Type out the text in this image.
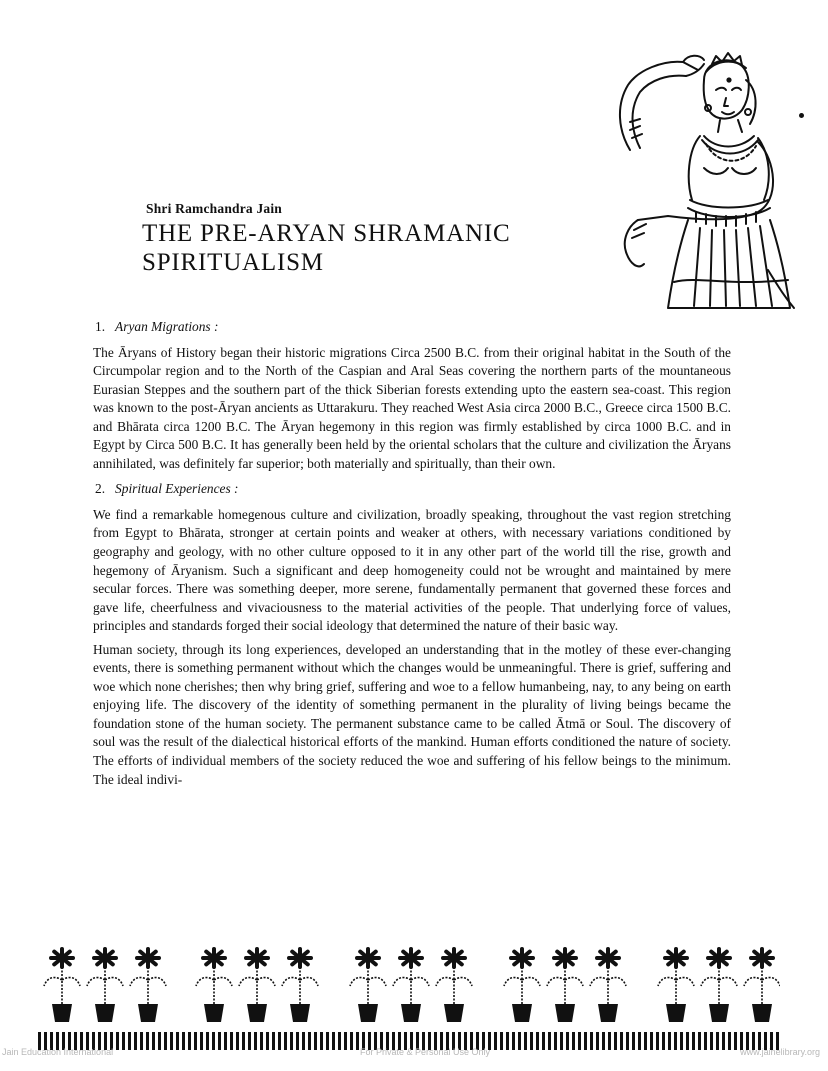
Shri Ramchandra Jain
THE PRE-ARYAN SHRAMANIC
SPIRITUALISM
1. Aryan Migrations :

The Āryans of History began their historic migrations Circa 2500 B.C. from their original habitat in the South of the Circumpolar region and to the North of the Caspian and Aral Seas covering the northern parts of the mountaneous Eurasian Steppes and the southern part of the thick Siberian forests extending upto the eastern sea-coast. This region was known to the post-Āryan ancients as Uttarakuru. They reached West Asia circa 2000 B.C., Greece circa 1500 B.C. and Bhārata circa 1200 B.C. The Āryan hegemony in this region was firmly established by circa 1000 B.C. and in Egypt by Circa 500 B.C. It has generally been held by the oriental scholars that the culture and civilization the Āryans annihilated, was definitely far superior; both materially and spiritually, than their own.

2. Spiritual Experiences :

We find a remarkable homegenous culture and civilization, broadly speaking, throughout the vast region stretching from Egypt to Bhārata, stronger at certain points and weaker at others, with necessary variations conditioned by geography and geology, with no other culture opposed to it in any other part of the world till the rise, growth and hegemony of Āryanism. Such a significant and deep homogeneity could not be wrought and maintained by mere secular forces. There was something deeper, more serene, fundamentally permanent that governed these forces and gave life, cheerfulness and vivaciousness to the material activities of the people. That underlying force of values, principles and standards forged their social ideology that determined the nature of their basic way.

Human society, through its long experiences, developed an understanding that in the motley of these ever-changing events, there is something permanent without which the changes would be unmeaningful. There is grief, suffering and woe which none cherishes; then why bring grief, suffering and woe to a fellow humanbeing, nay, to any being on earth enjoying life. The discovery of the identity of something permanent in the plurality of living beings became the foundation stone of the human society. The permanent substance came to be called Ātmā or Soul. The discovery of soul was the result of the dialectical historical efforts of the mankind. Human efforts conditioned the nature of society. The efforts of individual members of the society reduced the woe and suffering of his fellow beings to the minimum. The ideal indivi-

Jain Education International	For Private & Personal Use Only	www.jainelibrary.org
